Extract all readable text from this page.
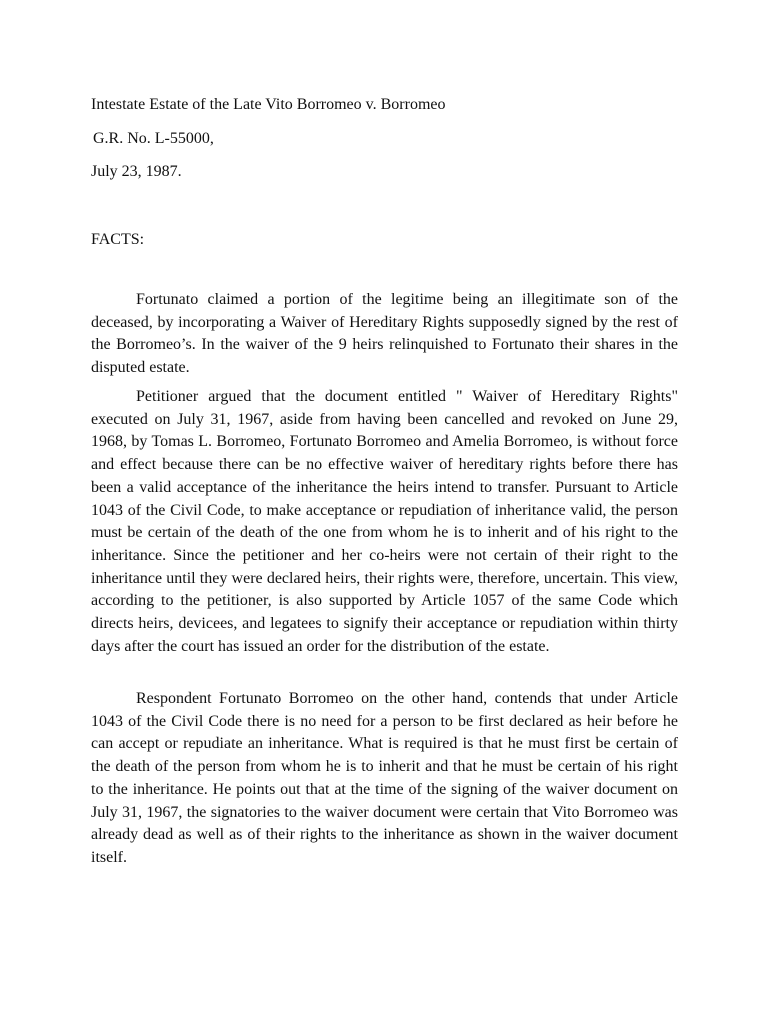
Intestate Estate of the Late Vito Borromeo v. Borromeo
G.R. No. L-55000,
July 23, 1987.
FACTS:

Fortunato claimed a portion of the legitime being an illegitimate son of the deceased, by incorporating a Waiver of Hereditary Rights supposedly signed by the rest of the Borromeo’s. In the waiver of the 9 heirs relinquished to Fortunato their shares in the disputed estate.

Petitioner argued that the document entitled " Waiver of Hereditary Rights" executed on July 31, 1967, aside from having been cancelled and revoked on June 29, 1968, by Tomas L. Borromeo, Fortunato Borromeo and Amelia Borromeo, is without force and effect because there can be no effective waiver of hereditary rights before there has been a valid acceptance of the inheritance the heirs intend to transfer. Pursuant to Article 1043 of the Civil Code, to make acceptance or repudiation of inheritance valid, the person must be certain of the death of the one from whom he is to inherit and of his right to the inheritance. Since the petitioner and her co-heirs were not certain of their right to the inheritance until they were declared heirs, their rights were, therefore, uncertain. This view, according to the petitioner, is also supported by Article 1057 of the same Code which directs heirs, devicees, and legatees to signify their acceptance or repudiation within thirty days after the court has issued an order for the distribution of the estate.

Respondent Fortunato Borromeo on the other hand, contends that under Article 1043 of the Civil Code there is no need for a person to be first declared as heir before he can accept or repudiate an inheritance. What is required is that he must first be certain of the death of the person from whom he is to inherit and that he must be certain of his right to the inheritance. He points out that at the time of the signing of the waiver document on July 31, 1967, the signatories to the waiver document were certain that Vito Borromeo was already dead as well as of their rights to the inheritance as shown in the waiver document itself.
